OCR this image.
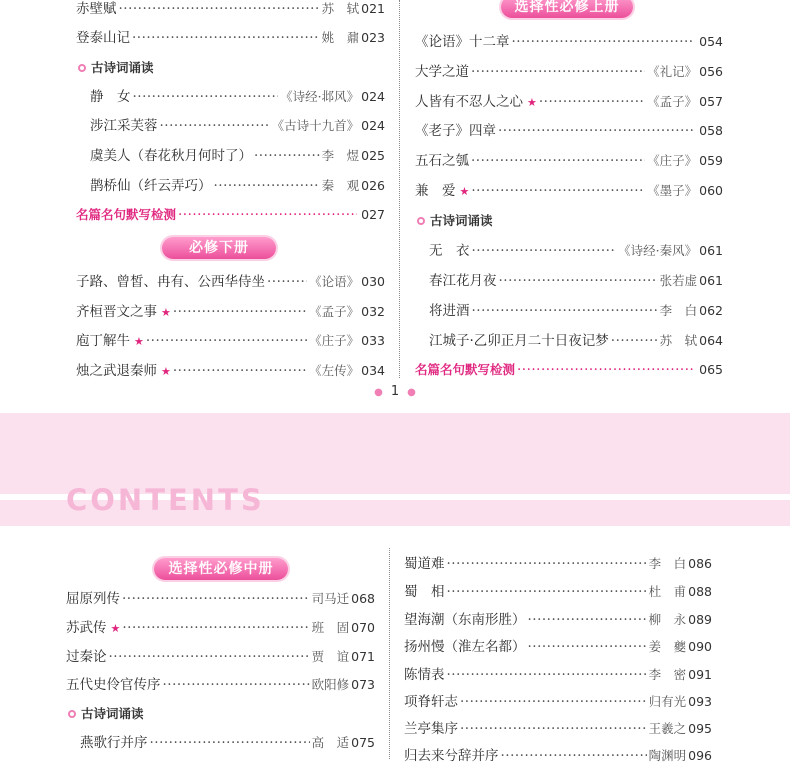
赤壁赋 ·····	苏　轼 021
登泰山记 ·····	姚　鼐 023
古诗词诵读
静　女 ·····	《诗经·邶风》 024
涉江采芙蓉 ·····	《古诗十九首》 024
虞美人（春花秋月何时了） ·····	李　煜 025
鹊桥仙（纤云弄巧） ·····	秦　观 026
名篇名句默写检测 ·····	027
必修下册
子路、曾皙、冉有、公西华侍坐 ·····	《论语》 030
齐桓晋文之事 ★ ·····	《孟子》 032
庖丁解牛 ★ ·····	《庄子》 033
烛之武退秦师 ★ ·····	《左传》 034
选择性必修上册
《论语》十二章 ·····	054
大学之道 ·····	《礼记》 056
人皆有不忍人之心 ★ ·····	《孟子》 057
《老子》四章 ·····	058
五石之瓠 ·····	《庄子》 059
兼　爱 ★ ·····	《墨子》 060
古诗词诵读
无　衣 ·····	《诗经·秦风》 061
春江花月夜 ·····	张若虚 061
将进酒 ·····	李　白 062
江城子·乙卯正月二十日夜记梦 ·····	苏　轼 064
名篇名句默写检测 ·····	065
● 1 ●
CONTENTS
选择性必修中册
屈原列传 ·····	司马迁 068
苏武传 ★ ·····	班　固 070
过秦论 ·····	贾　谊 071
五代史伶官传序 ·····	欧阳修 073
古诗词诵读
燕歌行并序 ·····	高　适 075
蜀道难 ·····	李　白 086
蜀　相 ·····	杜　甫 088
望海潮（东南形胜） ·····	柳　永 089
扬州慢（淮左名都） ·····	姜　夔 090
陈情表 ·····	李　密 091
项脊轩志 ·····	归有光 093
兰亭集序 ·····	王羲之 095
归去来兮辞并序 ·····	陶渊明 096
